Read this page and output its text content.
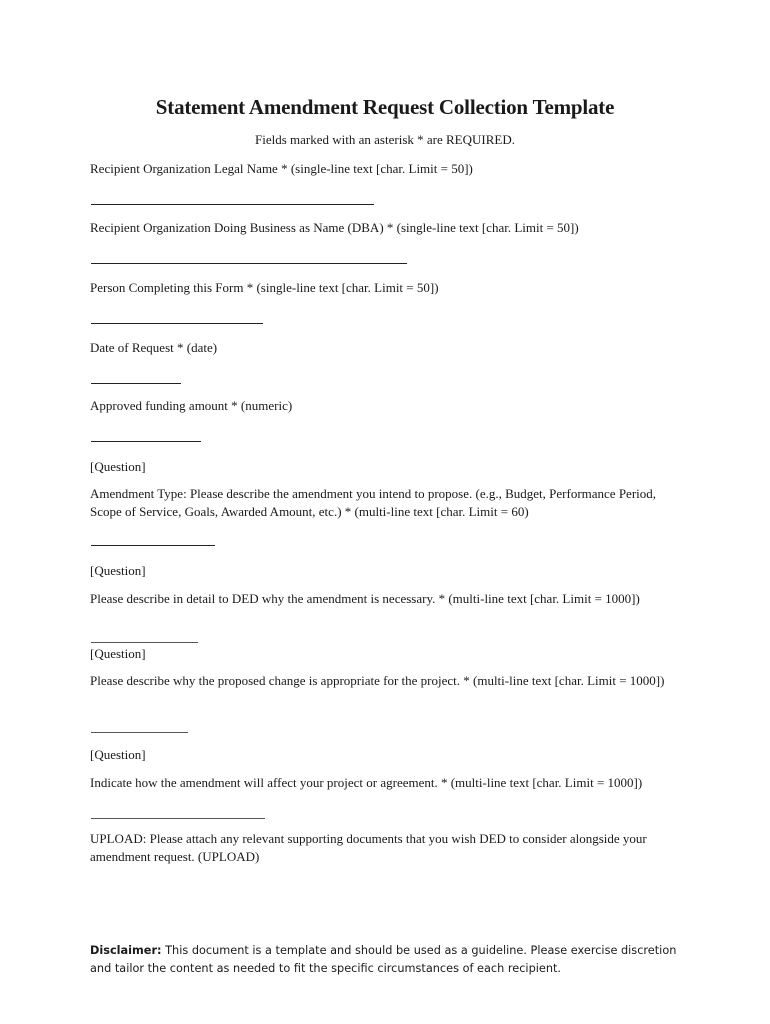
Statement Amendment Request Collection Template

Fields marked with an asterisk * are REQUIRED.

Recipient Organization Legal Name * (single-line text [char. Limit = 50])

Recipient Organization Doing Business as Name (DBA) * (single-line text [char. Limit = 50])

Person Completing this Form * (single-line text [char. Limit = 50])

Date of Request * (date)

Approved funding amount * (numeric)

[Question]

Amendment Type: Please describe the amendment you intend to propose. (e.g., Budget, Performance Period, Scope of Service, Goals, Awarded Amount, etc.) * (multi-line text [char. Limit = 60)

[Question]

Please describe in detail to DED why the amendment is necessary. * (multi-line text [char. Limit = 1000])

[Question]

Please describe why the proposed change is appropriate for the project. * (multi-line text [char. Limit = 1000])

[Question]

Indicate how the amendment will affect your project or agreement. * (multi-line text [char. Limit = 1000])

UPLOAD: Please attach any relevant supporting documents that you wish DED to consider alongside your amendment request. (UPLOAD)

Disclaimer: This document is a template and should be used as a guideline. Please exercise discretion and tailor the content as needed to fit the specific circumstances of each recipient.
